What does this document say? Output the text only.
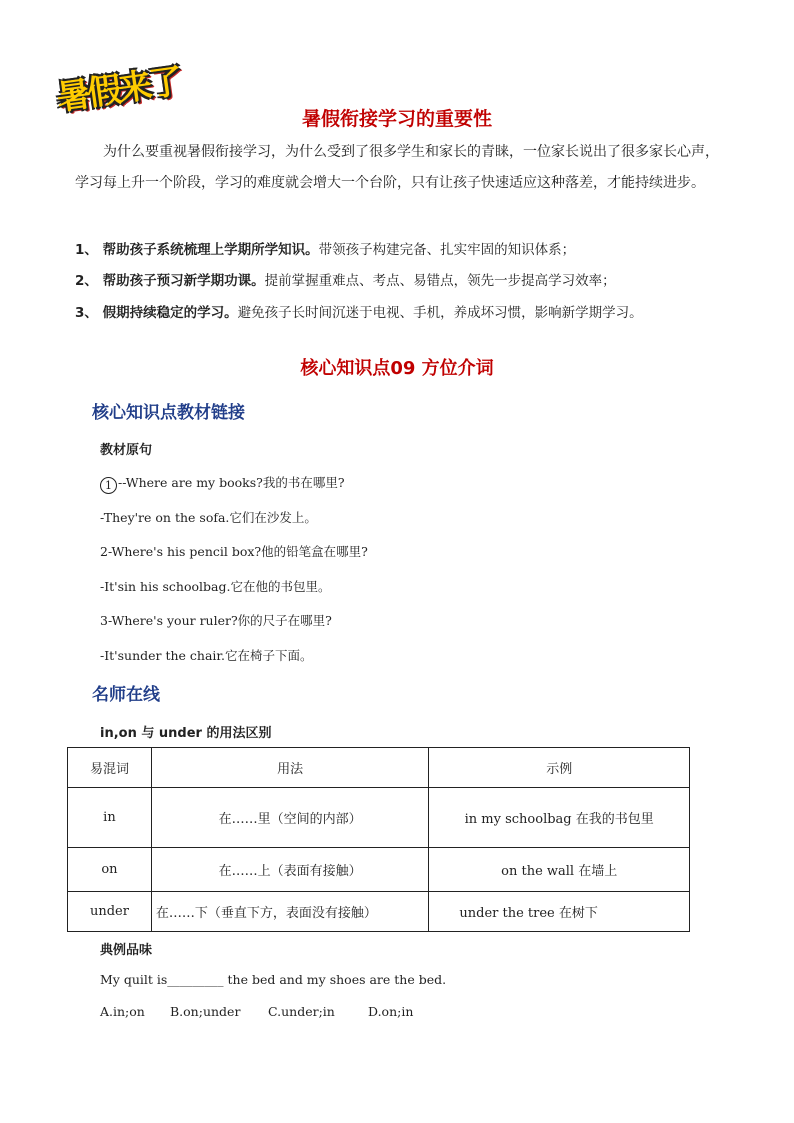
暑假来了
暑假衔接学习的重要性
为什么要重视暑假衔接学习，为什么受到了很多学生和家长的青睐，一位家长说出了很多家长心声，学习每上升一个阶段，学习的难度就会增大一个台阶，只有让孩子快速适应这种落差，才能持续进步。
1、 帮助孩子系统梳理上学期所学知识。带领孩子构建完备、扎实牢固的知识体系；
2、 帮助孩子预习新学期功课。提前掌握重难点、考点、易错点，领先一步提高学习效率；
3、 假期持续稳定的学习。避免孩子长时间沉迷于电视、手机，养成坏习惯，影响新学期学习。
核心知识点09 方位介词
核心知识点教材链接
教材原句
1 --Where are my books?我的书在哪里?
-They're on the sofa.它们在沙发上。
2-Where's his pencil box?他的铅笔盒在哪里?
-It'sin his schoolbag.它在他的书包里。
3-Where's your ruler?你的尺子在哪里?
-It'sunder the chair.它在椅子下面。
名师在线
in,on 与 under 的用法区别
易混词	用法	示例
in	在……里（空间的内部）	in my schoolbag 在我的书包里
on	在……上（表面有接触）	on the wall 在墙上
under	在……下（垂直下方，表面没有接触）	under the tree 在树下
典例品味
My quilt is_________ the bed and my shoes are the bed.
A.in;on B.on;under C.under;in	D.on;in
